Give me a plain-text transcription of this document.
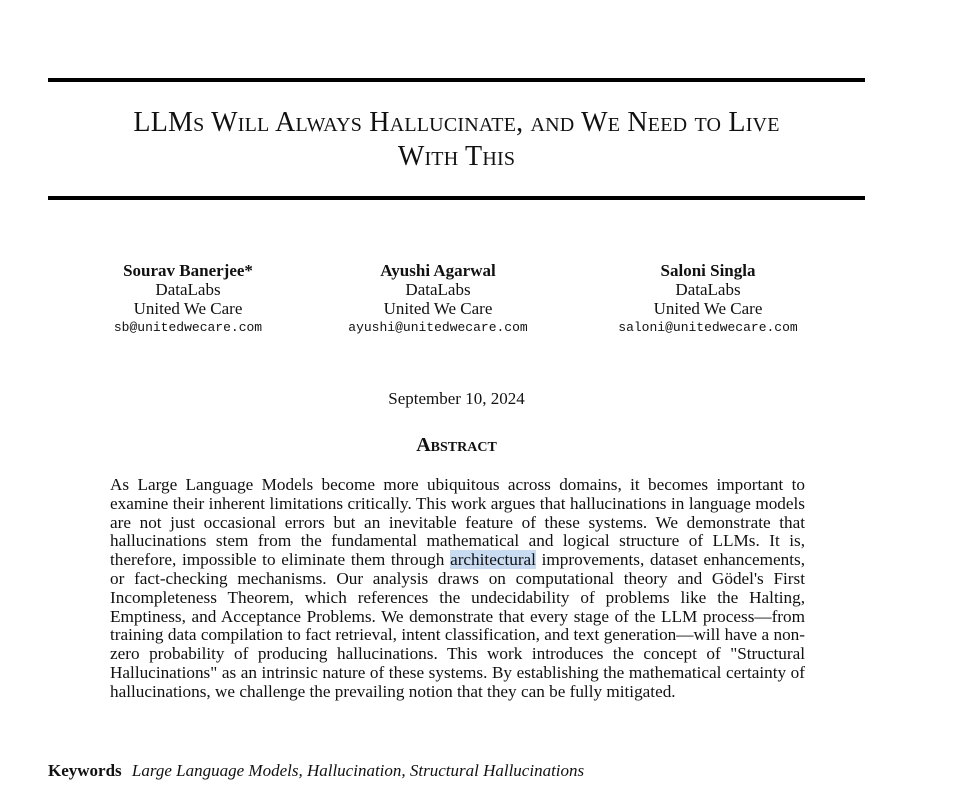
LLMs Will Always Hallucinate, and We Need to Live
With This
Sourav Banerjee*
DataLabs
United We Care
sb@unitedwecare.com
Ayushi Agarwal
DataLabs
United We Care
ayushi@unitedwecare.com
Saloni Singla
DataLabs
United We Care
saloni@unitedwecare.com
September 10, 2024
Abstract
As Large Language Models become more ubiquitous across domains, it becomes important to examine their inherent limitations critically. This work argues that hallucinations in language models are not just occasional errors but an inevitable feature of these systems. We demonstrate that hallucinations stem from the fundamental mathematical and logical structure of LLMs. It is, therefore, impossible to eliminate them through architectural improvements, dataset enhancements, or fact-checking mechanisms. Our analysis draws on computational theory and Gödel's First Incompleteness Theorem, which references the undecidability of problems like the Halting, Emptiness, and Acceptance Problems. We demonstrate that every stage of the LLM process—from training data compilation to fact retrieval, intent classification, and text generation—will have a non-zero probability of producing hallucinations. This work introduces the concept of "Structural Hallucinations" as an intrinsic nature of these systems. By establishing the mathematical certainty of hallucinations, we challenge the prevailing notion that they can be fully mitigated.
Keywords Large Language Models, Hallucination, Structural Hallucinations
